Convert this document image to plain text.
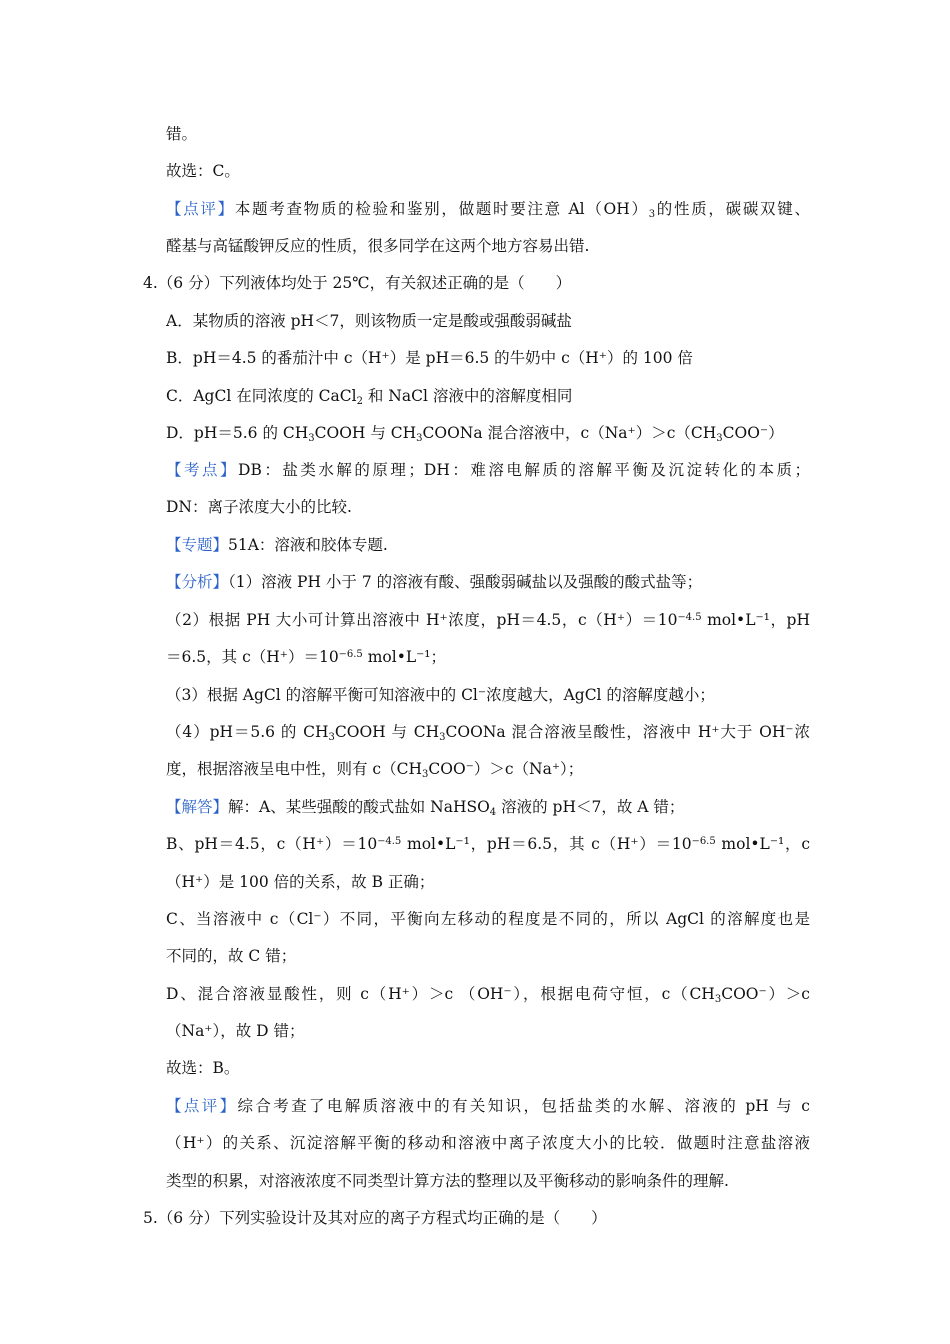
错。
故选：C。
【点评】本题考查物质的检验和鉴别，做题时要注意 $Al(OH)_3$的性质，碳碳双键、
醛基与高锰酸钾反应的性质，很多同学在这两个地方容易出错.
4.（6 分）下列液体均处于 25℃，有关叙述正确的是（　　）
A．某物质的溶液 pH＜7，则该物质一定是酸或强酸弱碱盐
B．pH＝4.5 的番茄汁中 c（H⁺）是 pH＝6.5 的牛奶中 c（H⁺）的 100 倍
C．AgCl 在同浓度的 CaCl$_2$ 和 NaCl 溶液中的溶解度相同
D．pH＝5.6 的 $CH_3COOH$ 与 $CH_3COONa$ 混合溶液中，$c(Na^+)>c(CH_3COO^-)$
【考点】DB：盐类水解的原理；DH：难溶电解质的溶解平衡及沉淀转化的本质；
DN：离子浓度大小的比较.
【专题】51A：溶液和胶体专题.
【分析】（1）溶液 PH 小于 7 的溶液有酸、强酸弱碱盐以及强酸的酸式盐等；
（2）根据 PH 大小可计算出溶液中 H⁺浓度，pH＝4.5，c（H⁺）＝10⁻$^{4.5}$ mol•L⁻¹，pH
＝6.5，其 c（H⁺）＝10⁻$^{6.5}$ mol•L⁻¹；
（3）根据 AgCl 的溶解平衡可知溶液中的 Cl⁻浓度越大，AgCl 的溶解度越小；
（4）pH＝5.6 的 $CH_3COOH$ 与 $CH_3COONa$ 混合溶液呈酸性，溶液中 H⁺大于 OH⁻浓
度，根据溶液呈电中性，则有 $c(CH_3COO^-)>c(Na^+)$；
【解答】解：A、某些强酸的酸式盐如 NaHSO$_4$ 溶液的 pH＜7，故 A 错；
B、pH＝4.5，c（H⁺）＝10⁻$^{4.5}$ mol•L⁻¹，pH＝6.5，其 c（H⁺）＝10⁻$^{6.5}$ mol•L⁻¹，c
（H⁺）是 100 倍的关系，故 B 正确；
C、当溶液中 c（Cl⁻）不同，平衡向左移动的程度是不同的，所以 AgCl 的溶解度也是
不同的，故 C 错；
D、混合溶液显酸性，则 c（H⁺）＞c （OH⁻），根据电荷守恒，$c(CH_3COO^-)>c$
（Na⁺），故 D 错；
故选：B。
【点评】综合考查了电解质溶液中的有关知识，包括盐类的水解、溶液的 pH 与 c
（H⁺）的关系、沉淀溶解平衡的移动和溶液中离子浓度大小的比较．做题时注意盐溶液
类型的积累，对溶液浓度不同类型计算方法的整理以及平衡移动的影响条件的理解.
5.（6 分）下列实验设计及其对应的离子方程式均正确的是（　　）
